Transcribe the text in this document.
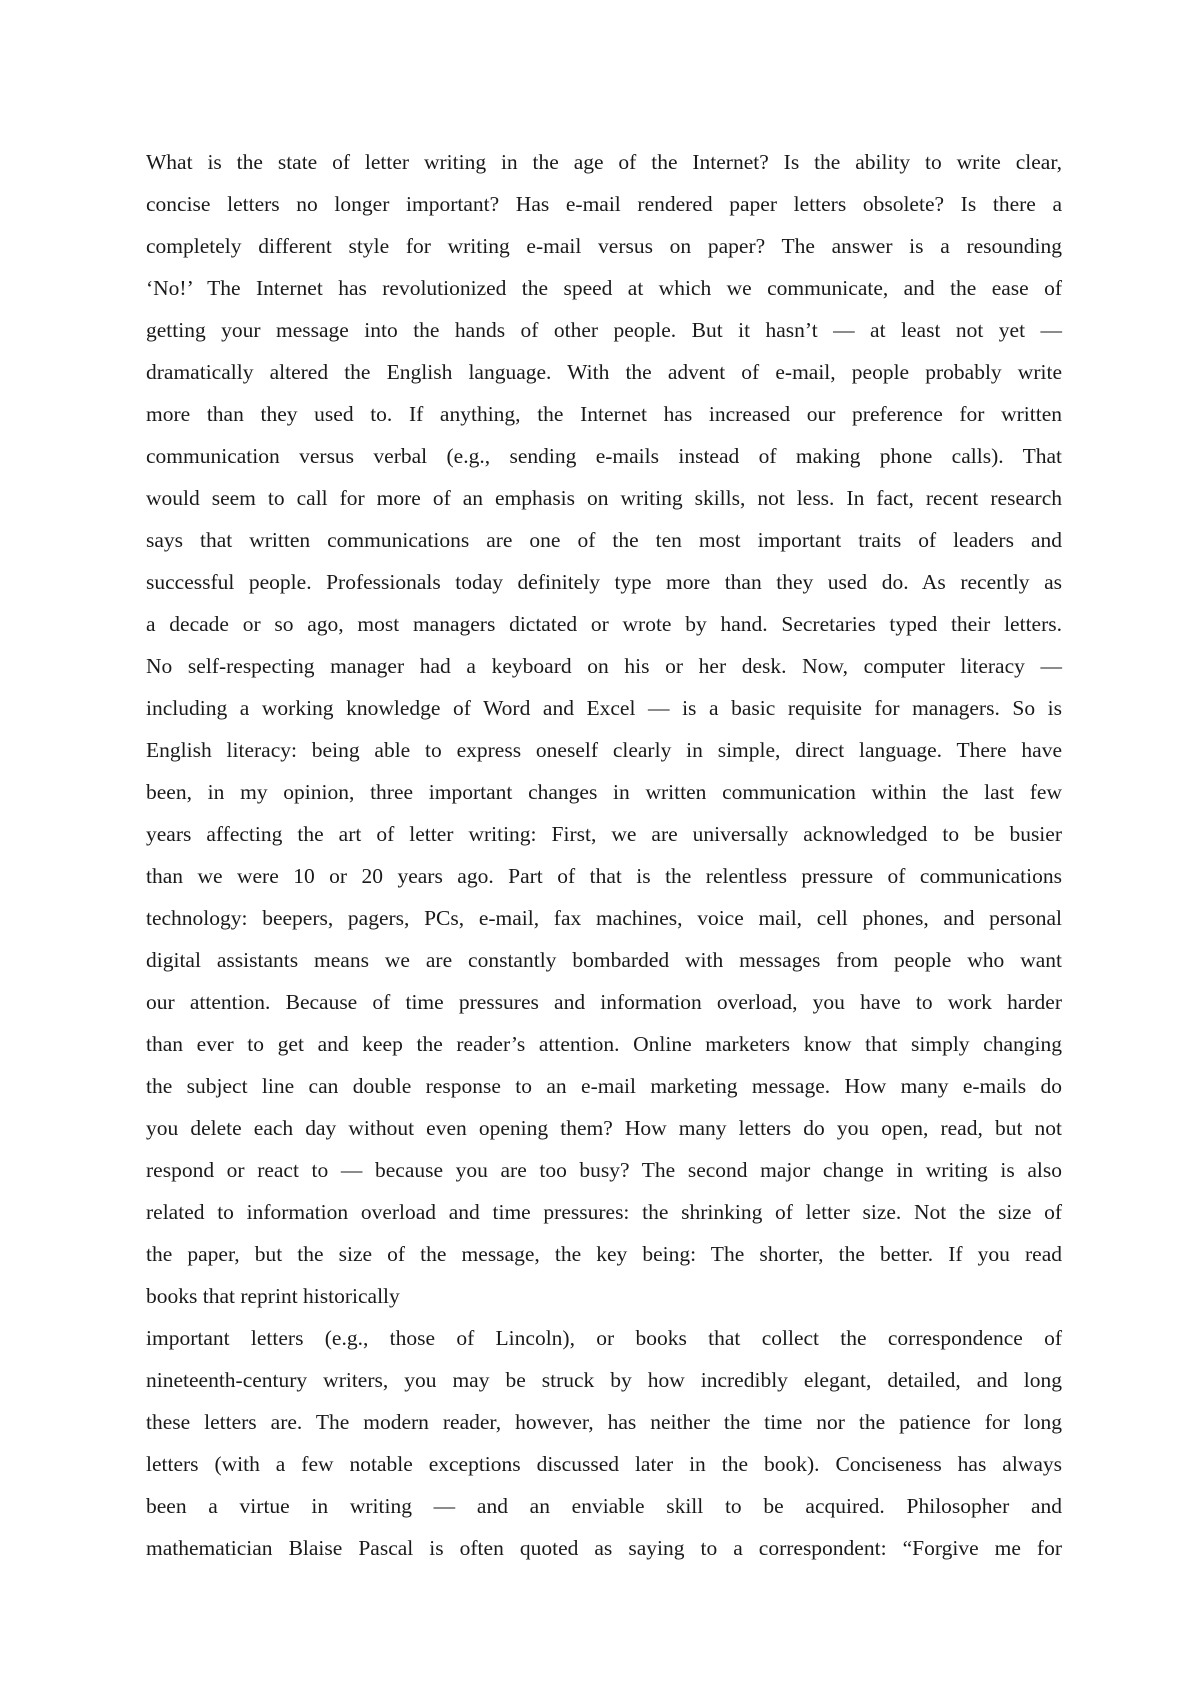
What is the state of letter writing in the age of the Internet? Is the ability to write clear,
concise letters no longer important? Has e-mail rendered paper letters obsolete? Is there a
completely different style for writing e-mail versus on paper? The answer is a resounding
‘No!’ The Internet has revolutionized the speed at which we communicate, and the ease of
getting your message into the hands of other people. But it hasn’t — at least not yet —
dramatically altered the English language. With the advent of e-mail, people probably write
more than they used to. If anything, the Internet has increased our preference for written
communication versus verbal (e.g., sending e-mails instead of making phone calls). That
would seem to call for more of an emphasis on writing skills, not less. In fact, recent research
says that written communications are one of the ten most important traits of leaders and
successful people. Professionals today definitely type more than they used do. As recently as
a decade or so ago, most managers dictated or wrote by hand. Secretaries typed their letters.
No self-respecting manager had a keyboard on his or her desk. Now, computer literacy —
including a working knowledge of Word and Excel — is a basic requisite for managers. So is
English literacy: being able to express oneself clearly in simple, direct language. There have
been, in my opinion, three important changes in written communication within the last few
years affecting the art of letter writing: First, we are universally acknowledged to be busier
than we were 10 or 20 years ago. Part of that is the relentless pressure of communications
technology: beepers, pagers, PCs, e-mail, fax machines, voice mail, cell phones, and personal
digital assistants means we are constantly bombarded with messages from people who want
our attention. Because of time pressures and information overload, you have to work harder
than ever to get and keep the reader’s attention. Online marketers know that simply changing
the subject line can double response to an e-mail marketing message. How many e-mails do
you delete each day without even opening them? How many letters do you open, read, but not
respond or react to — because you are too busy? The second major change in writing is also
related to information overload and time pressures: the shrinking of letter size. Not the size of
the paper, but the size of the message, the key being: The shorter, the better. If you read
books that reprint historically
important letters (e.g., those of Lincoln), or books that collect the correspondence of
nineteenth-century writers, you may be struck by how incredibly elegant, detailed, and long
these letters are. The modern reader, however, has neither the time nor the patience for long
letters (with a few notable exceptions discussed later in the book). Conciseness has always
been a virtue in writing — and an enviable skill to be acquired. Philosopher and
mathematician Blaise Pascal is often quoted as saying to a correspondent: “Forgive me for
